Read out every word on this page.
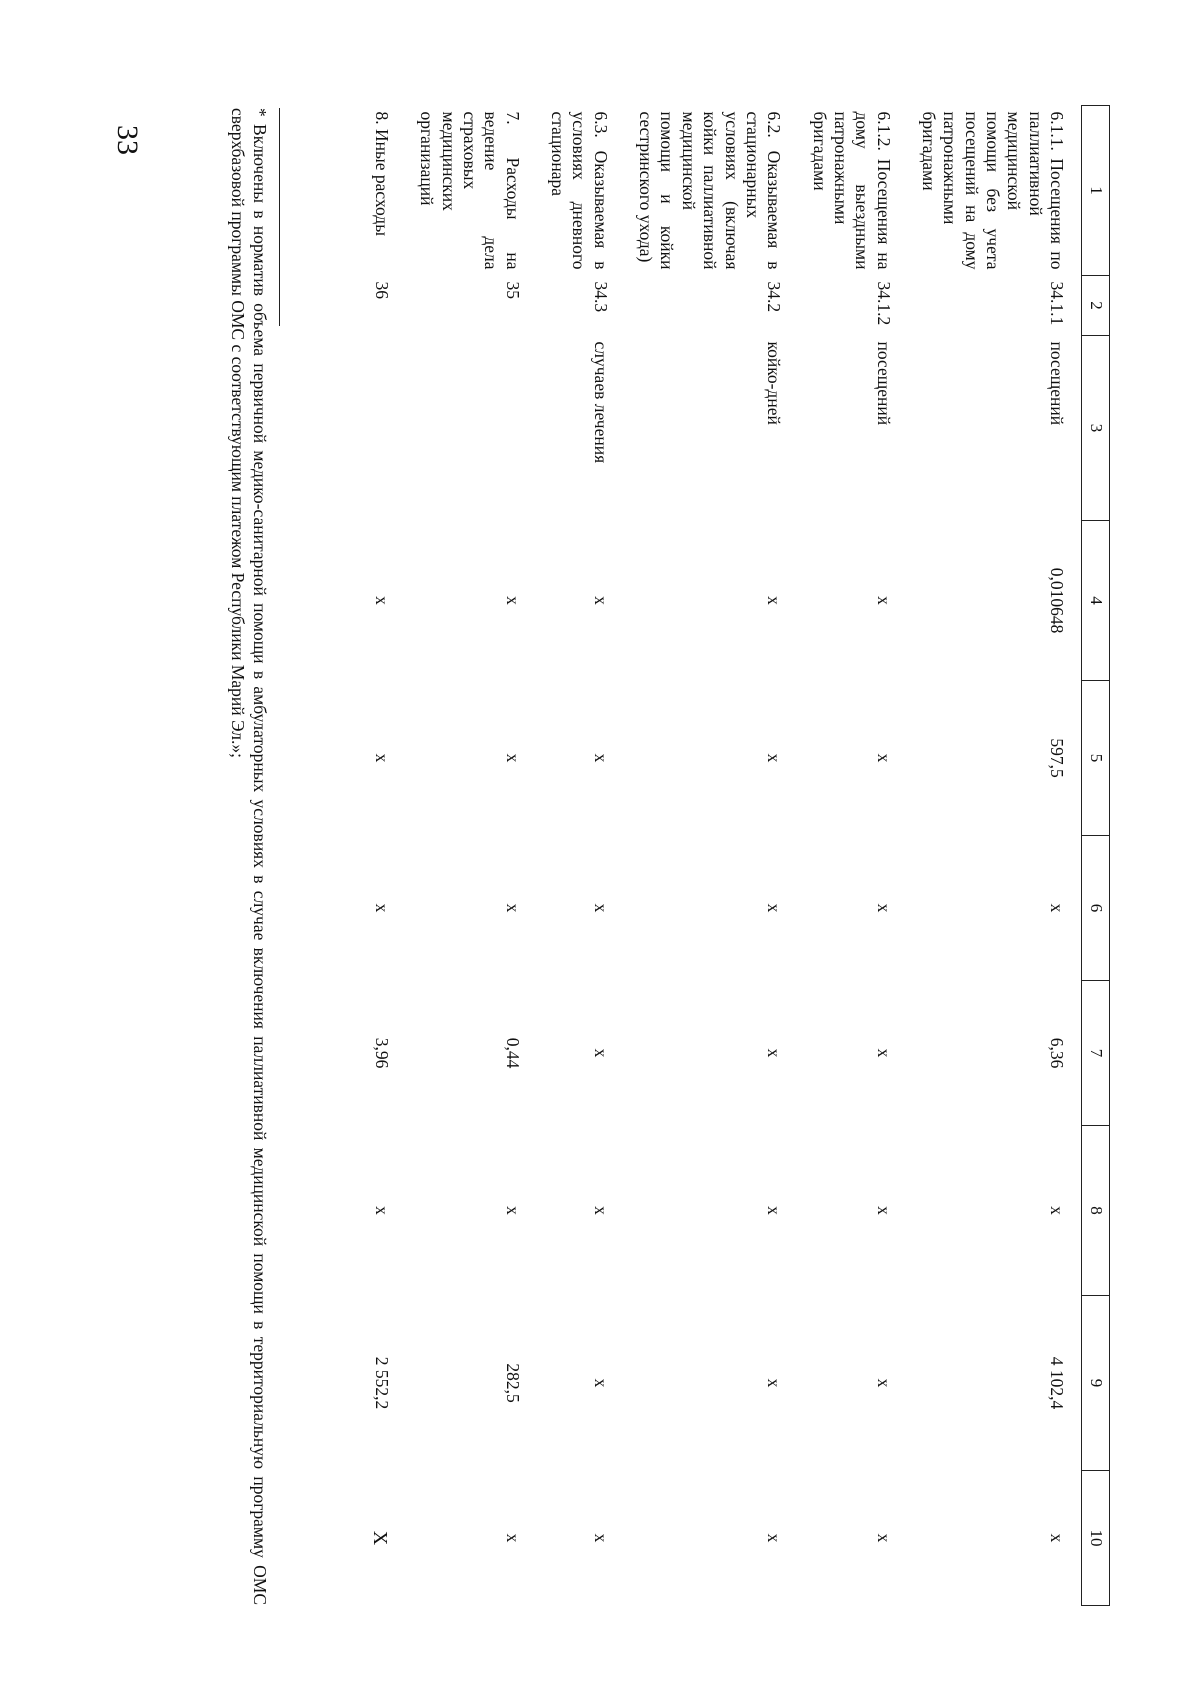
33
1	2	3	4	5	6	7	8	9	10
6.1.1. Посещения по паллиативной медицинской помощи без учета посещений на дому патронажными бригадами	34.1.1	посещений	0,010648	597,5	х	6,36	х	4 102,4	х
6.1.2. Посещения на дому выездными патронажными бригадами	34.1.2	посещений	х	х	х	х	х	х	х
6.2. Оказываемая в стационарных условиях (включая койки паллиативной медицинской помощи и койки сестринского ухода)	34.2	койко-дней	х	х	х	х	х	х	х
6.3. Оказываемая в условиях дневного стационара	34.3	случаев лечения	х	х	х	х	х	х	х
7. Расходы на ведение дела страховых медицинских организаций	35		х	х	х	0,44	х	282,5	х
8. Иные расходы	36		х	х	х	3,96	х	2 552,2	X
* Включены в норматив объема первичной медико-санитарной помощи в амбулаторных условиях в случае включения паллиативной медицинской помощи в территориальную программу ОМС сверхбазовой программы ОМС с соответствующим платежом Республики Марий Эл.»;
